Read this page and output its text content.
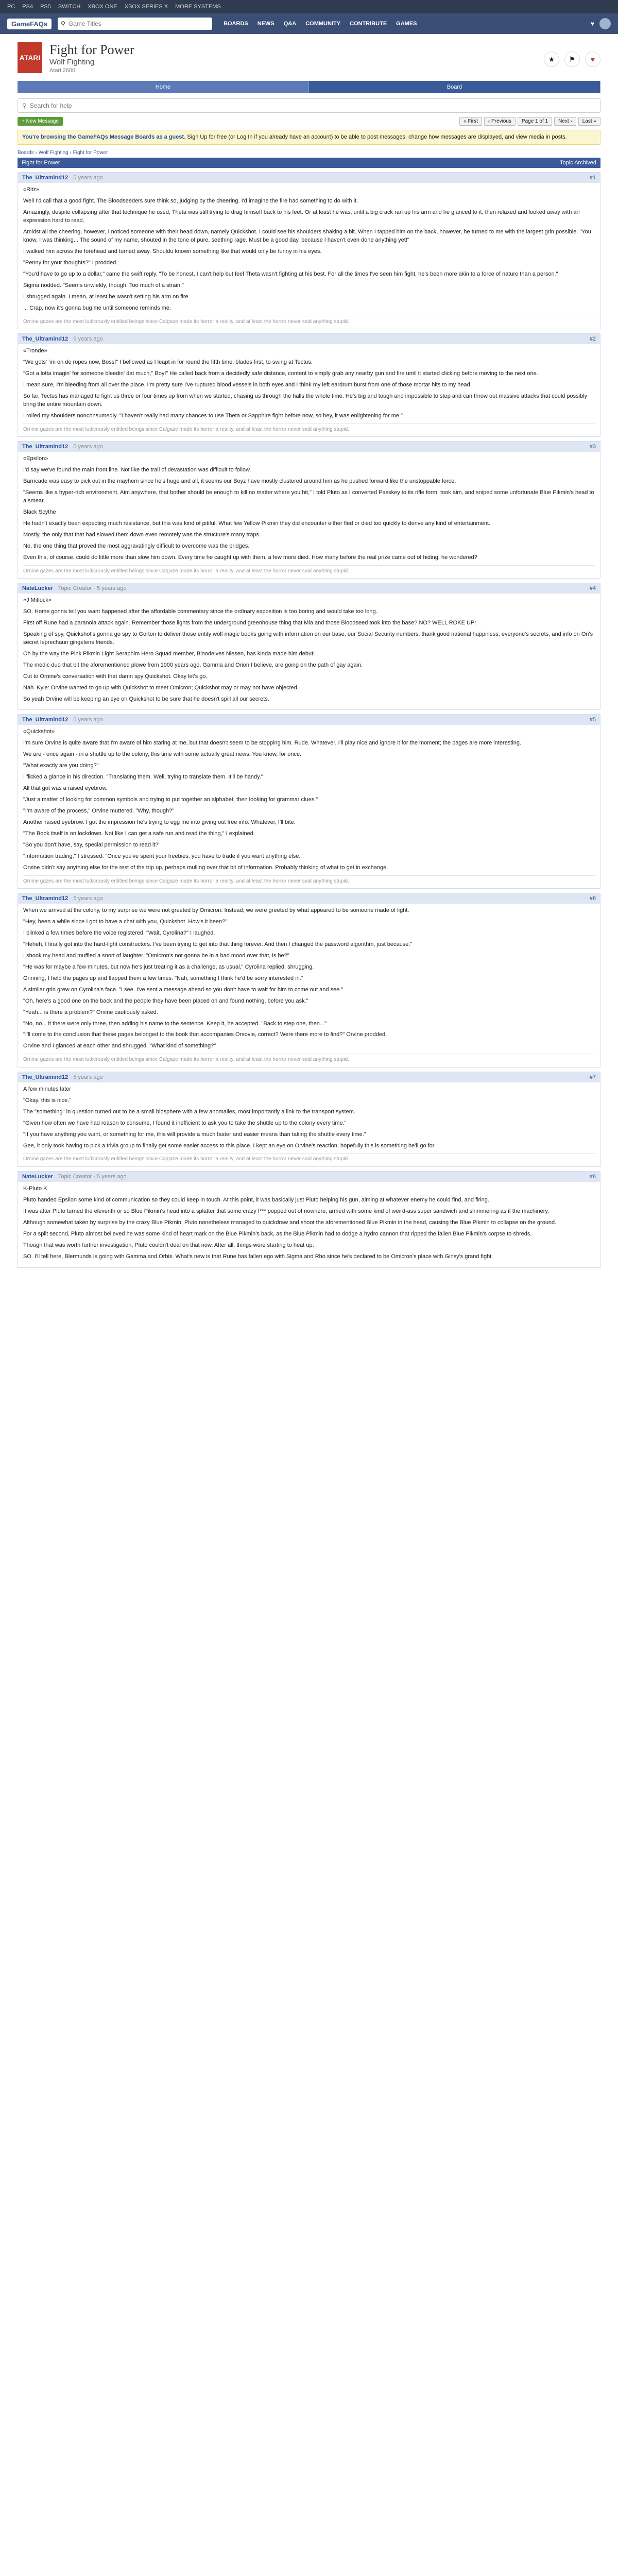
PC PS4 PS5 SWITCH XBOX ONE XBOX SERIES X MORE SYSTEMS
GameFAQs	⚲
Game Titles	BOARDS NEWS Q&A COMMUNITY CONTRIBUTE GAMES	♥
ATARI
Fight for Power
Wolf Fighting
Atari 2600
★	⚑	♥
Home	Board
⚲
Search for help
+ New Message	« First	‹ Previous	Page 1 of 1	Next ›	Last »
You're browsing the GameFAQs Message Boards as a guest. Sign Up for free (or Log In if you already have an account) to be able to post messages, change how messages are displayed, and view media in posts.
Boards › Wolf Fighting › Fight for Power
Fight for Power	Topic Archived
The_Ultramind12 5 years ago	#1

«Ritz»

Well I'd call that a good fight. The Bloodseeders sure think so, judging by the cheering. I'd imagine the fire had something to do with it.

Amazingly, despite collapsing after that technique he used, Theta was still trying to drag himself back to his feet. Or at least he was, until a big crack ran up his arm and he glanced to it, then relaxed and looked away with an expression hard to read.

Amidst all the cheering, however, I noticed someone with their head down, namely Quickshot. I could see his shoulders shaking a bit. When I tapped him on the back, however, he turned to me with the largest grin possible. "You know, I was thinking... The sound of my name, shouted in the tone of pure, seething rage. Must be a good day, because I haven't even done anything yet!"

I walked him across the forehead and turned away. Shouldu known something like that would only be funny in his eyes.

"Penny for your thoughts?" I prodded.

"You'd have to go up to a dollar," came the swift reply. "To be honest, I can't help but feel Theta wasn't fighting at his best. For all the times I've seen him fight, he's been more akin to a force of nature than a person."

Sigma nodded. "Seems unwieldy, though. Too much of a strain."

I shrugged again. I mean, at least he wasn't setting his arm on fire.

... Crap, now it's gonna bug me until someone reminds me.

Ornine gazes are the most ludicrously entitled beings since Calgaze made its horror a reality, and at least the horror never said anything stupid.
The_Ultramind12 5 years ago	#2

«Tronde»

"We gots' 'im on de ropes now, Boss!" I bellowed as I leapt in for round the fifth time, blades first, to swing at Tectus.

"Got a lotta imagin' for someone bleedin' dat much," Boy!" He called back from a decidedly safe distance, content to simply grab any nearby gun and fire until it started clicking before moving to the next one.

I mean sure, I'm bleeding from all over the place. I'm pretty sure I've ruptured blood vessels in both eyes and I think my left eardrum burst from one of those mortar hits to my head.

So far, Tectus has managed to fight us three or four times up from when we started, chasing us through the halls the whole time. He's big and tough and impossible to stop and can throw out massive attacks that could possibly bring the entire mountain down.

I rolled my shoulders nonconsumedly. "I haven't really had many chances to use Theta or Sapphire fight before now, so hey, it was enlightening for me."

Ornine gazes are the most ludicrously entitled beings since Calgaze made its horror a reality, and at least the horror never said anything stupid.
The_Ultramind12 5 years ago	#3

«Epsilon»

I'd say we've found the main front line. Not like the trail of devastation was difficult to follow.

Barricade was easy to pick out in the mayhem since he's huge and all, it seems our Boyz have mostly clustered around him as he pushed forward like the unstoppable force.

"Seems like a hyper-rich environment. Aim anywhere, that bother should be enough to kill no matter where you hit," I told Pluto as I converted Passkey to its rifle form, took aim, and sniped some unfortunate Blue Pikmin's head to a smear.

Black Scythe

He hadn't exactly been expecting much resistance, but this was kind of pitiful. What few Yellow Pikmin they did encounter either fled or died too quickly to derive any kind of entertainment.

Mostly, the only that that had slowed them down even remotely was the structure's many traps.

No, the one thing that proved the most aggravatingly difficult to overcome was the bridges.

Even this, of course, could do little more than slow him down. Every time he caught up with them, a few more died. How many before the real prize came out of hiding, he wondered?

Ornine gazes are the most ludicrously entitled beings since Calgaze made its horror a reality, and at least the horror never said anything stupid.
NateLucker Topic Creator · 5 years ago	#4

«J Mitlock»

SO. Home gonna tell you want happened after the affordable commentary since the ordinary exposition is too boring and would take too long.

First off Rune had a paranoia attack again. Remember those lights from the underground greenhouse thing that Mia and those Bloodseed took into the base? NO? WELL ROKE UP!

Speaking of spy, Quickshot's gonna go spy to Gorton to deliver those entity wolf magic books going with information on our base, our Social Security numbers, thank good national happiness, everyone's secrets, and info on Ori's secret leprechaun gingelens friends.

Oh by the way the Pink Pikmin Light Seraphim Hero Squad member, Bloodelves Niesen, has kinda made him debut!

The medic duo that bit the aforementioned plowe from 1000 years ago, Gamma and Orion I believe, are going on the path of gay again.

Cut to Ornine's conversation with that damn spy Quickshot. Okay let's go.

Nah. Kyle: Orvine wanted to go up with Quickshot to meet Omicron; Quickshot may or may not have objected.

So yeah Orvine will be keeping an eye on Quickshot to be sure that he doesn't spill all our secrets.

The_Ultramind12 5 years ago	#5

«Quickshot»

I'm sure Orvine is quite aware that I'm aware of him staring at me, but that doesn't seem to be stopping him. Rude. Whatever, I'll play nice and ignore it for the moment; the pages are more interesting.

We are - once again - in a shuttle up to the colony, this time with some actually great news. You know, for once.

"What exactly are you doing?"

I flicked a glance in his direction. "Translating them. Well, trying to translate them. It'll be handy."

All that got was a raised eyebrow.

"Just a matter of looking for common symbols and trying to put together an alphabet, then looking for grammar clues."

"I'm aware of the process," Orvine muttered. "Why, though?"

Another raised eyebrow. I got the impression he's trying to egg me into giving out free info. Whatever, I'll bite.

"The Book itself is on lockdown. Not like I can get a safe run and read the thing," I explained.

"So you don't have, say, special permission to read it?"

"Information trading," I stressed. "Once you've spent your freebies, you have to trade if you want anything else."

Orvine didn't say anything else for the rest of the trip up, perhaps mulling over that bit of information. Probably thinking of what to get in exchange.

Ornine gazes are the most ludicrously entitled beings since Calgaze made its horror a reality, and at least the horror never said anything stupid.
The_Ultramind12 5 years ago	#6

When we arrived at the colony, to my surprise we were not greeted by Omicron. Instead, we were greeted by what appeared to be someone made of light.

"Hey, been a while since I got to have a chat with you, Quickshot. How's it been?"

I blinked a few times before the voice registered. "Wait, Cyrolina?" I laughed.

"Heheh, I finally got into the hard-light constructors. I've been trying to get into that thing forever. And then I changed the password algorithm, just because."

I shook my head and muffled a snort of laughter. "Omicron's not gonna be in a bad mood over that, is he?"

"He was for maybe a few minutes, but now he's just treating it as a challenge, as usual," Cyrolina replied, shrugging.

Grinning, I held the pages up and flapped them a few times. "Nah, something I think he'd be sorry interested in."

A similar grin grew on Cyrolina's face. "I see. I've sent a message ahead so you don't have to wait for him to come out and see."

"Oh, here's a good one on the back and the people they have been placed on and found nothing, before you ask."

"Yeah... is there a problem?" Orvine cautiously asked.

"No, no... it there were only three, then adding his name to the sentence. Keep it, he accepted. "Back to step one, then..."

"I'll come to the conclusion that these pages belonged to the book that accompanies Orsovie, correct? Were there more to find?" Orvine prodded.

Orvine and I glanced at each other and shrugged. "What kind of something?"

Ornine gazes are the most ludicrously entitled beings since Calgaze made its horror a reality, and at least the horror never said anything stupid.
The_Ultramind12 5 years ago	#7

A few minutes later

"Okay, this is nice."

The "something" in question turned out to be a small biosphere with a few anomalies, most importantly a link to the transport system.

"Given how often we have had reason to consume, I found it inefficient to ask you to take the shuttle up to the colony every time."

"If you have anything you want, or something for me, this will provide a much faster and easier means than taking the shuttle every time."

Gee, it only took having to pick a trivia group to finally get some easier access to this place. I kept an eye on Orvine's reaction, hopefully this is something he'll go for.

Ornine gazes are the most ludicrously entitled beings since Calgaze made its horror a reality, and at least the horror never said anything stupid.
NateLucker Topic Creator · 5 years ago	#8

K-Pluto K

Pluto handed Epsilon some kind of communication so they could keep in touch. At this point, it was basically just Pluto helping his gun, aiming at whatever enemy he could find, and firing.

It was after Pluto turned the eleventh or so Blue Pikmin's head into a splatter that some crazy f*** popped out of nowhere, armed with some kind of weird-ass super sandwich and shimmering as if the machinery.

Although somewhat taken by surprise by the crazy Blue Pikmin, Pluto nonetheless managed to quickdraw and shoot the aforementioned Blue Pikmin in the head, causing the Blue Pikmin to collapse on the ground.

For a split second, Pluto almost believed he was some kind of heart mark on the Blue Pikmin's back, as the Blue Pikmin had to dodge a hydro cannon that ripped the fallen Blue Pikmin's corpse to shreds.

Though that was worth further investigation, Pluto couldn't deal on that now. After all, things were starting to heat up.

SO. I'll tell here, Blermunds is going with Gamma and Orbis. What's new is that Rune has fallen ego with Sigma and Rho since he's declared to be Omicron's place with Ginsy's grand fight.
